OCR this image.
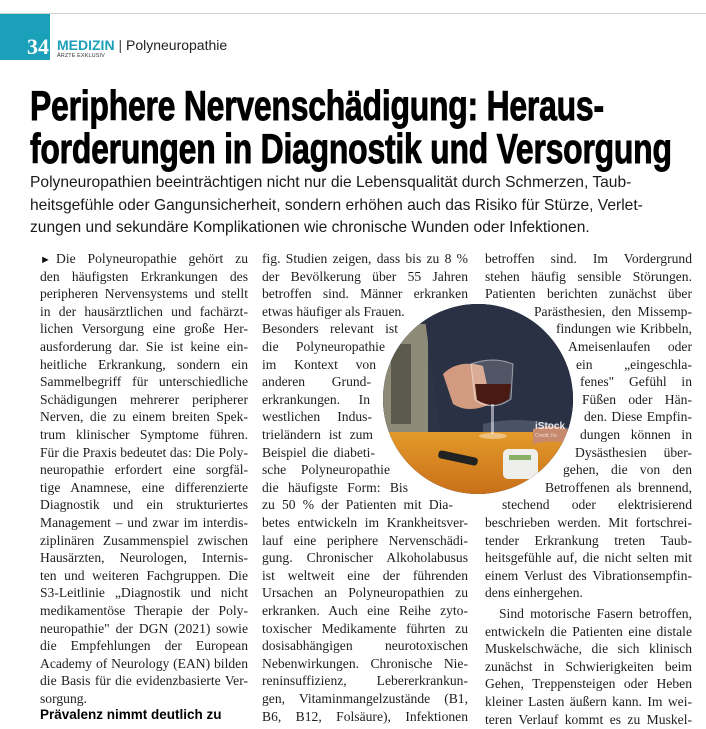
34 MEDIZIN | Polyneuropathie
ÄRZTE EXKLUSIV
Periphere Nervenschädigung: Heraus-
forderungen in Diagnostik und Versorgung
Polyneuropathien beeinträchtigen nicht nur die Lebensqualität durch Schmerzen, Taub-
heitsgefühle oder Gangunsicherheit, sondern erhöhen auch das Risiko für Stürze, Verlet-
zungen und sekundäre Komplikationen wie chronische Wunden oder Infektionen.
iStock
Credit: Fe
Die Polyneuropathie gehört zu
►
den häufigsten Erkrankungen des
peripheren Nervensystems und stellt
in der hausärztlichen und fachärzt-
lichen Versorgung eine große Her-
ausforderung dar. Sie ist keine ein-
heitliche Erkrankung, sondern ein
Sammelbegriff für unterschiedliche
Schädigungen mehrerer peripherer
Nerven, die zu einem breiten Spek-
trum klinischer Symptome führen.
Für die Praxis bedeutet das: Die Poly-
neuropathie erfordert eine sorgfäl-
tige Anamnese, eine differenzierte
Diagnostik und ein strukturiertes
Management – und zwar im interdis-
ziplinären Zusammenspiel zwischen
Hausärzten, Neurologen, Internis-
ten und weiteren Fachgruppen. Die
S3-Leitlinie „Diagnostik und nicht
medikamentöse Therapie der Poly-
neuropathie" der DGN (2021) sowie
die Empfehlungen der European
Academy of Neurology (EAN) bilden
die Basis für die evidenzbasierte Ver-
sorgung.
fig. Studien zeigen, dass bis zu 8 %
der Bevölkerung über 55 Jahren
betroffen sind. Männer erkranken
etwas häufiger als Frauen.
Besonders relevant ist
die Polyneuropathie
im Kontext von
anderen Grund-
erkrankungen. In
westlichen Indus-
trieländern ist zum
Beispiel die diabeti-
sche Polyneuropathie
die häufigste Form: Bis
zu 50 % der Patienten mit Dia-
betes entwickeln im Krankheitsver-
lauf eine periphere Nervenschädi-
gung. Chronischer Alkoholabusus
ist weltweit eine der führenden
Ursachen an Polyneuropathien zu
erkranken. Auch eine Reihe zyto-
toxischer Medikamente führten zu
dosisabhängigen neurotoxischen
Nebenwirkungen. Chronische Nie-
reninsuffizienz, Lebererkrankun-
gen, Vitaminmangelzustände (B1,
B6, B12, Folsäure), Infektionen
betroffen sind. Im Vordergrund
stehen häufig sensible Störungen.
Patienten berichten zunächst über
Parästhesien, den Missemp-
findungen wie Kribbeln,
Ameisenlaufen oder
ein „eingeschla-
fenes" Gefühl in
Füßen oder Hän-
den. Diese Empfin-
dungen können in
Dysästhesien über-
gehen, die von den
Betroffenen als brennend,
stechend oder elektrisierend
beschrieben werden. Mit fortschrei-
tender Erkrankung treten Taub-
heitsgefühle auf, die nicht selten mit
einem Verlust des Vibrationsempfin-
dens einhergehen.
Sind motorische Fasern betroffen,
entwickeln die Patienten eine distale
Muskelschwäche, die sich klinisch
zunächst in Schwierigkeiten beim
Gehen, Treppensteigen oder Heben
kleiner Lasten äußern kann. Im wei-
teren Verlauf kommt es zu Muskel-
Prävalenz nimmt deutlich zu
